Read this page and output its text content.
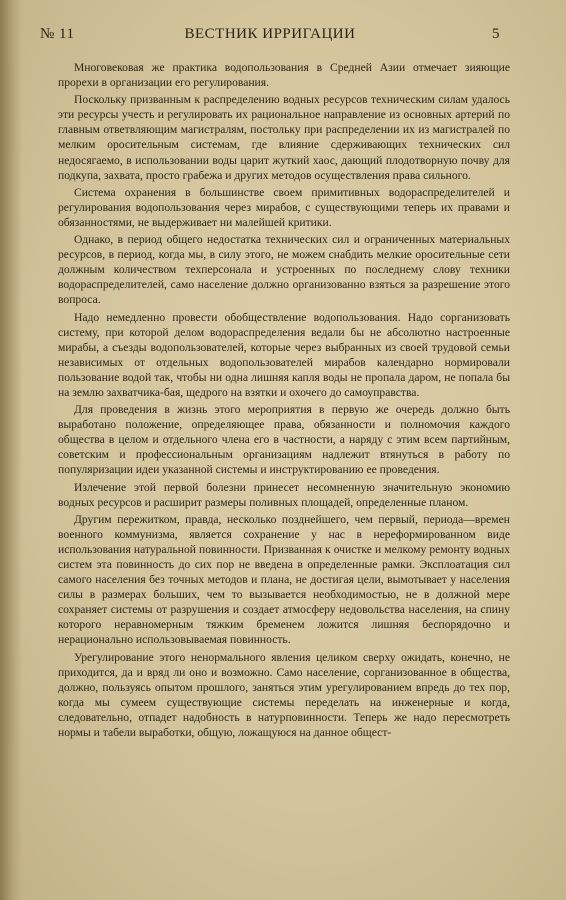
№ 11	ВЕСТНИК ИРРИГАЦИИ	5

Многовековая же практика водопользования в Средней Азии отмечает зияющие прорехи в организации его регулирования.

Поскольку призванным к распределению водных ресурсов техническим силам удалось эти ресурсы учесть и регулировать их рациональное направление из основных артерий по главным ответвляющим магистралям, постольку при распределении их из магистралей по мелким оросительным системам, где влияние сдерживающих технических сил недосягаемо, в использовании воды царит жуткий хаос, дающий плодотворную почву для подкупа, захвата, просто грабежа и других методов осуществления права сильного.

Система охранения в большинстве своем примитивных водораспределителей и регулирования водопользования через мирабов, с существующими теперь их правами и обязанностями, не выдерживает ни малейшей критики.

Однако, в период общего недостатка технических сил и ограниченных материальных ресурсов, в период, когда мы, в силу этого, не можем снабдить мелкие оросительные сети должным количеством техперсонала и устроенных по последнему слову техники водораспределителей, само население должно организованно взяться за разрешение этого вопроса.

Надо немедленно провести обобществление водопользования. Надо сорганизовать систему, при которой делом водораспределения ведали бы не абсолютно настроенные мирабы, а съезды водопользователей, которые через выбранных из своей трудовой семьи независимых от отдельных водопользователей мирабов календарно нормировали пользование водой так, чтобы ни одна лишняя капля воды не пропала даром, не попала бы на землю захватчика-бая, щедрого на взятки и охочего до самоуправства.

Для проведения в жизнь этого мероприятия в первую же очередь должно быть выработано положение, определяющее права, обязанности и полномочия каждого общества в целом и отдельного члена его в частности, а наряду с этим всем партийным, советским и профессиональным организациям надлежит втянуться в работу по популяризации идеи указанной системы и инструктированию ее проведения.

Излечение этой первой болезни принесет несомненную значительную экономию водных ресурсов и расширит размеры поливных площадей, определенные планом.

Другим пережитком, правда, несколько позднейшего, чем первый, периода—времен военного коммунизма, является сохранение у нас в нереформированном виде использования натуральной повинности. Призванная к очистке и мелкому ремонту водных систем эта повинность до сих пор не введена в определенные рамки. Эксплоатация сил самого населения без точных методов и плана, не достигая цели, вымотывает у населения силы в размерах больших, чем то вызывается необходимостью, не в должной мере сохраняет системы от разрушения и создает атмосферу недовольства населения, на спину которого неравномерным тяжким бременем ложится лишняя беспорядочно и нерационально использовываемая повинность.

Урегулирование этого ненормального явления целиком сверху ожидать, конечно, не приходится, да и вряд ли оно и возможно. Само население, сорганизованное в общества, должно, пользуясь опытом прошлого, заняться этим урегулированием впредь до тех пор, когда мы сумеем существующие системы переделать на инженерные и когда, следовательно, отпадет надобность в натурповинности. Теперь же надо пересмотреть нормы и табели выработки, общую, ложащуюся на данное общест-
